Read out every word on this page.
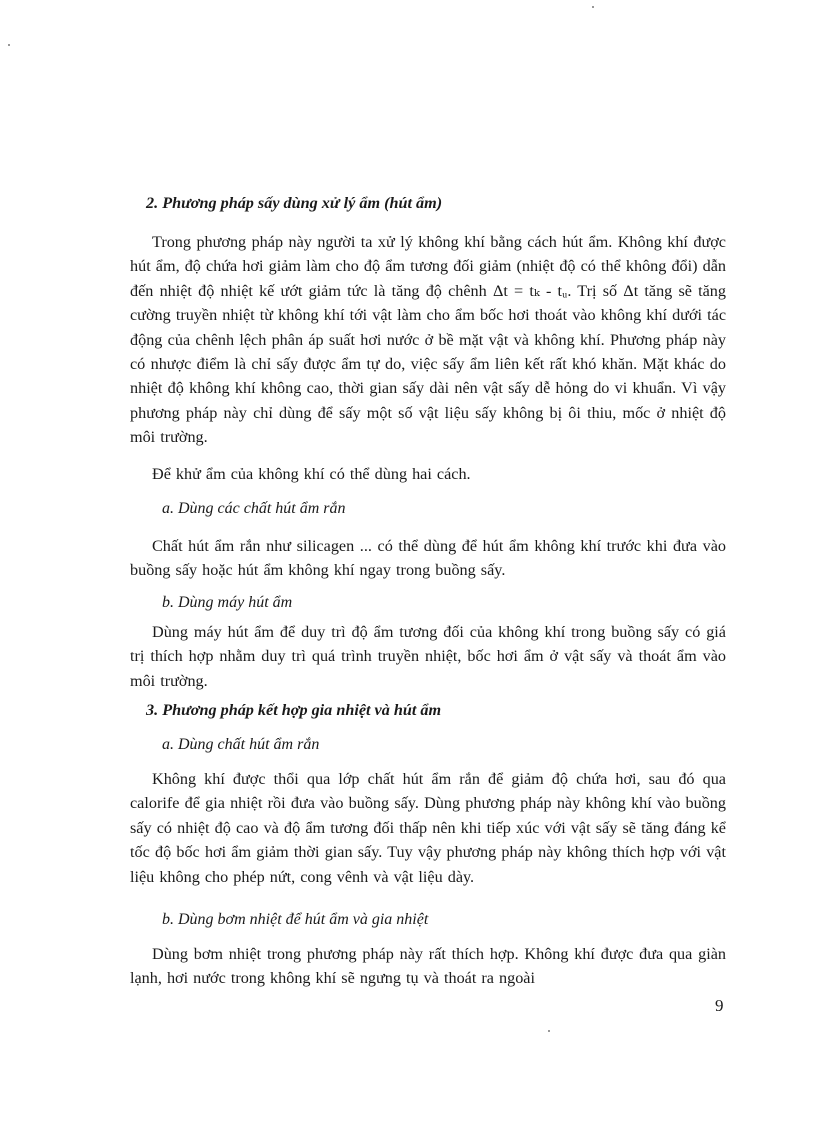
2. Phương pháp sấy dùng xử lý ẩm (hút ẩm)

Trong phương pháp này người ta xử lý không khí bằng cách hút ẩm. Không khí được hút ẩm, độ chứa hơi giảm làm cho độ ẩm tương đối giảm (nhiệt độ có thể không đổi) dẫn đến nhiệt độ nhiệt kế ướt giảm tức là tăng độ chênh Δt = tₖ - tᵤ. Trị số Δt tăng sẽ tăng cường truyền nhiệt từ không khí tới vật làm cho ẩm bốc hơi thoát vào không khí dưới tác động của chênh lệch phân áp suất hơi nước ở bề mặt vật và không khí. Phương pháp này có nhược điểm là chỉ sấy được ẩm tự do, việc sấy ẩm liên kết rất khó khăn. Mặt khác do nhiệt độ không khí không cao, thời gian sấy dài nên vật sấy dễ hỏng do vi khuẩn. Vì vậy phương pháp này chỉ dùng để sấy một số vật liệu sấy không bị ôi thiu, mốc ở nhiệt độ môi trường.

Để khử ẩm của không khí có thể dùng hai cách.

a. Dùng các chất hút ẩm rắn

Chất hút ẩm rắn như silicagen ... có thể dùng để hút ẩm không khí trước khi đưa vào buồng sấy hoặc hút ẩm không khí ngay trong buồng sấy.

b. Dùng máy hút ẩm

Dùng máy hút ẩm để duy trì độ ẩm tương đối của không khí trong buồng sấy có giá trị thích hợp nhằm duy trì quá trình truyền nhiệt, bốc hơi ẩm ở vật sấy và thoát ẩm vào môi trường.

3. Phương pháp kết hợp gia nhiệt và hút ẩm

a. Dùng chất hút ẩm rắn

Không khí được thổi qua lớp chất hút ẩm rắn để giảm độ chứa hơi, sau đó qua calorife để gia nhiệt rồi đưa vào buồng sấy. Dùng phương pháp này không khí vào buồng sấy có nhiệt độ cao và độ ẩm tương đối thấp nên khi tiếp xúc với vật sấy sẽ tăng đáng kể tốc độ bốc hơi ẩm giảm thời gian sấy. Tuy vậy phương pháp này không thích hợp với vật liệu không cho phép nứt, cong vênh và vật liệu dày.

b. Dùng bơm nhiệt để hút ẩm và gia nhiệt

Dùng bơm nhiệt trong phương pháp này rất thích hợp. Không khí được đưa qua giàn lạnh, hơi nước trong không khí sẽ ngưng tụ và thoát ra ngoài

9
